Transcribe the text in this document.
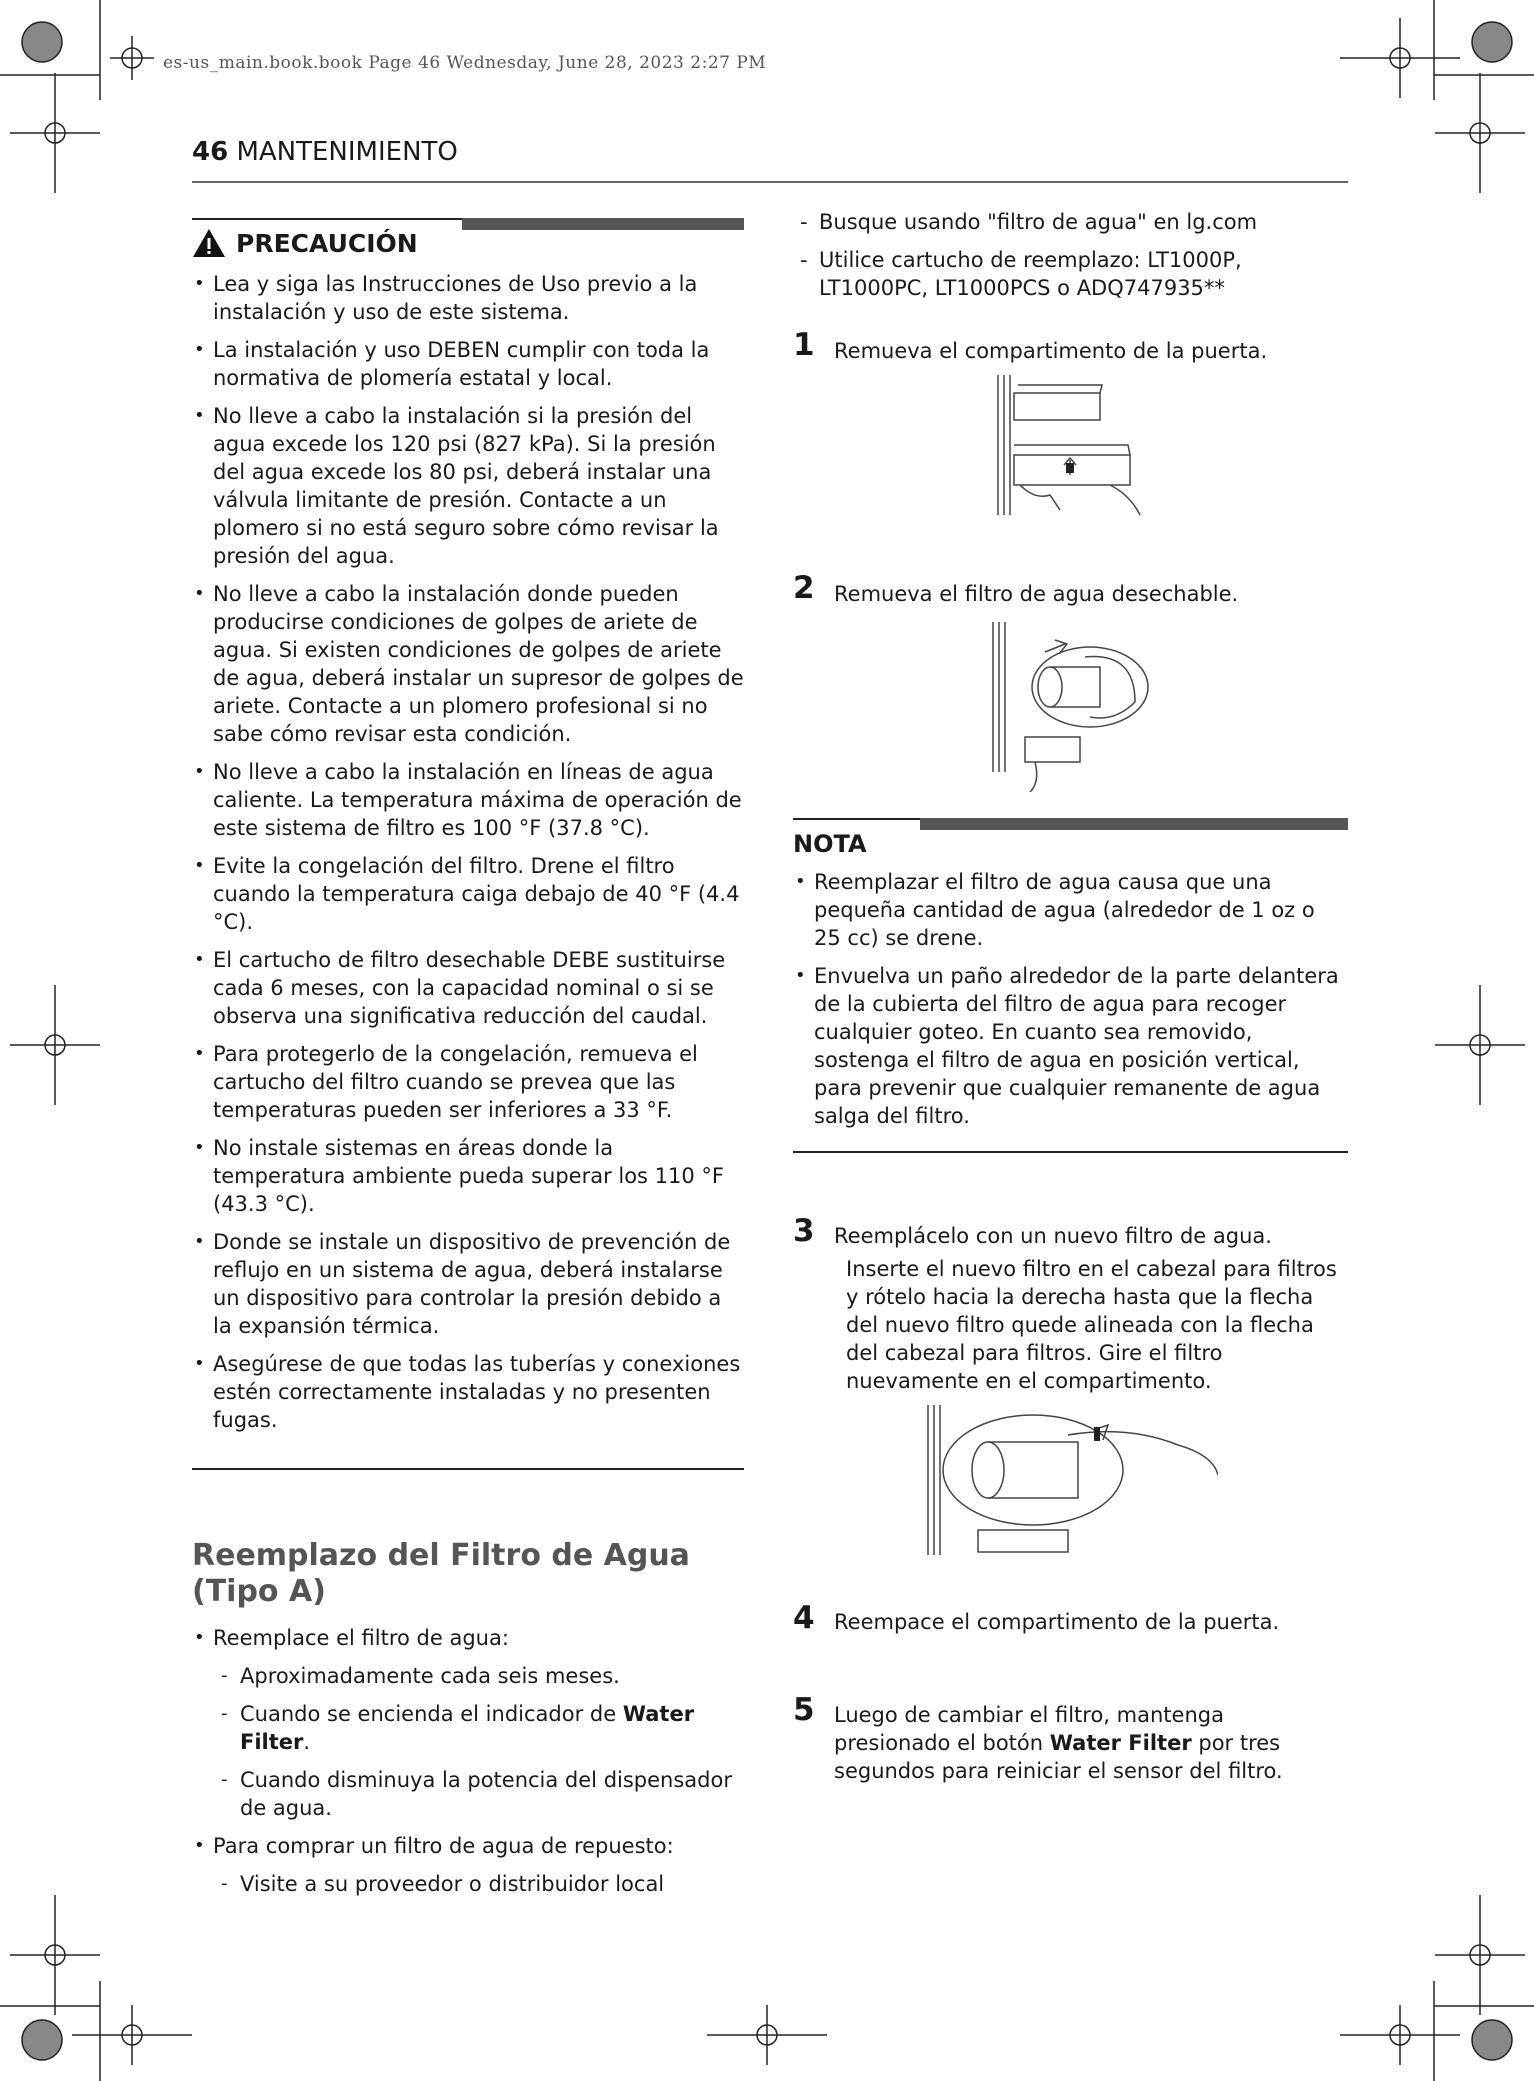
es-us_main.book.book Page 46 Wednesday, June 28, 2023 2:27 PM
46 MANTENIMIENTO
PRECAUCIÓN
• Lea y siga las Instrucciones de Uso previo a la instalación y uso de este sistema.
• La instalación y uso DEBEN cumplir con toda la normativa de plomería estatal y local.
• No lleve a cabo la instalación si la presión del agua excede los 120 psi (827 kPa). Si la presión del agua excede los 80 psi, deberá instalar una válvula limitante de presión. Contacte a un plomero si no está seguro sobre cómo revisar la presión del agua.
• No lleve a cabo la instalación donde pueden producirse condiciones de golpes de ariete de agua. Si existen condiciones de golpes de ariete de agua, deberá instalar un supresor de golpes de ariete. Contacte a un plomero profesional si no sabe cómo revisar esta condición.
• No lleve a cabo la instalación en líneas de agua caliente. La temperatura máxima de operación de este sistema de filtro es 100 °F (37.8 °C).
• Evite la congelación del filtro. Drene el filtro cuando la temperatura caiga debajo de 40 °F (4.4 °C).
• El cartucho de filtro desechable DEBE sustituirse cada 6 meses, con la capacidad nominal o si se observa una significativa reducción del caudal.
• Para protegerlo de la congelación, remueva el cartucho del filtro cuando se prevea que las temperaturas pueden ser inferiores a 33 °F.
• No instale sistemas en áreas donde la temperatura ambiente pueda superar los 110 °F (43.3 °C).
• Donde se instale un dispositivo de prevención de reflujo en un sistema de agua, deberá instalarse un dispositivo para controlar la presión debido a la expansión térmica.
• Asegúrese de que todas las tuberías y conexiones estén correctamente instaladas y no presenten fugas.
Reemplazo del Filtro de Agua (Tipo A)
• Reemplace el filtro de agua:
- Aproximadamente cada seis meses.
- Cuando se encienda el indicador de Water Filter.
- Cuando disminuya la potencia del dispensador de agua.
• Para comprar un filtro de agua de repuesto:
- Visite a su proveedor o distribuidor local
- Busque usando "filtro de agua" en lg.com
- Utilice cartucho de reemplazo: LT1000P, LT1000PC, LT1000PCS o ADQ747935**
1 Remueva el compartimento de la puerta.
2 Remueva el filtro de agua desechable.
NOTA
• Reemplazar el filtro de agua causa que una pequeña cantidad de agua (alrededor de 1 oz o 25 cc) se drene.
• Envuelva un paño alrededor de la parte delantera de la cubierta del filtro de agua para recoger cualquier goteo. En cuanto sea removido, sostenga el filtro de agua en posición vertical, para prevenir que cualquier remanente de agua salga del filtro.
3 Reemplácelo con un nuevo filtro de agua.
Inserte el nuevo filtro en el cabezal para filtros y rótelo hacia la derecha hasta que la flecha del nuevo filtro quede alineada con la flecha del cabezal para filtros. Gire el filtro nuevamente en el compartimento.
4 Reempace el compartimento de la puerta.
5 Luego de cambiar el filtro, mantenga presionado el botón Water Filter por tres segundos para reiniciar el sensor del filtro.
